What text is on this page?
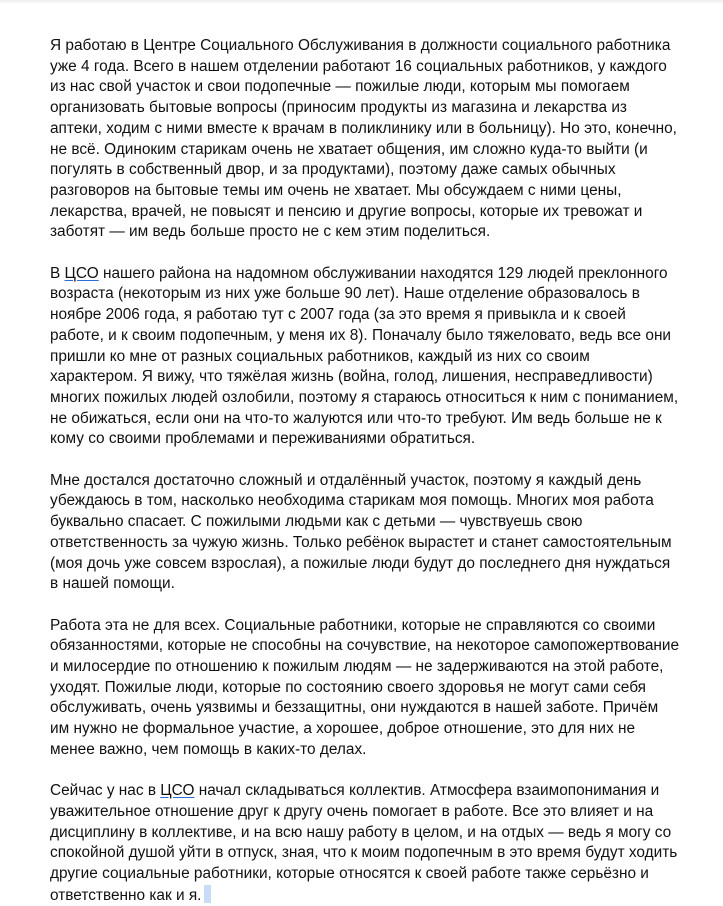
Я работаю в Центре Социального Обслуживания в должности социального работника уже 4 года. Всего в нашем отделении работают 16 социальных работников, у каждого из нас свой участок и свои подопечные — пожилые люди, которым мы помогаем организовать бытовые вопросы (приносим продукты из магазина и лекарства из аптеки, ходим с ними вместе к врачам в поликлинику или в больницу). Но это, конечно, не всё. Одиноким старикам очень не хватает общения, им сложно куда-то выйти (и погулять в собственный двор, и за продуктами), поэтому даже самых обычных разговоров на бытовые темы им очень не хватает. Мы обсуждаем с ними цены, лекарства, врачей, не повысят и пенсию и другие вопросы, которые их тревожат и заботят — им ведь больше просто не с кем этим поделиться.

В ЦСО нашего района на надомном обслуживании находятся 129 людей преклонного возраста (некоторым из них уже больше 90 лет). Наше отделение образовалось в ноябре 2006 года, я работаю тут с 2007 года (за это время я привыкла и к своей работе, и к своим подопечным, у меня их 8). Поначалу было тяжеловато, ведь все они пришли ко мне от разных социальных работников, каждый из них со своим характером. Я вижу, что тяжёлая жизнь (война, голод, лишения, несправедливости) многих пожилых людей озлобили, поэтому я стараюсь относиться к ним с пониманием, не обижаться, если они на что-то жалуются или что-то требуют. Им ведь больше не к кому со своими проблемами и переживаниями обратиться.

Мне достался достаточно сложный и отдалённый участок, поэтому я каждый день убеждаюсь в том, насколько необходима старикам моя помощь. Многих моя работа буквально спасает. С пожилыми людьми как с детьми — чувствуешь свою ответственность за чужую жизнь. Только ребёнок вырастет и станет самостоятельным (моя дочь уже совсем взрослая), а пожилые люди будут до последнего дня нуждаться в нашей помощи.

Работа эта не для всех. Социальные работники, которые не справляются со своими обязанностями, которые не способны на сочувствие, на некоторое самопожертвование и милосердие по отношению к пожилым людям — не задерживаются на этой работе, уходят. Пожилые люди, которые по состоянию своего здоровья не могут сами себя обслуживать, очень уязвимы и беззащитны, они нуждаются в нашей заботе. Причём им нужно не формальное участие, а хорошее, доброе отношение, это для них не менее важно, чем помощь в каких-то делах.

Сейчас у нас в ЦСО начал складываться коллектив. Атмосфера взаимопонимания и уважительное отношение друг к другу очень помогает в работе. Все это влияет и на дисциплину в коллективе, и на всю нашу работу в целом, и на отдых — ведь я могу со спокойной душой уйти в отпуск, зная, что к моим подопечным в это время будут ходить другие социальные работники, которые относятся к своей работе также серьёзно и ответственно как и я.
